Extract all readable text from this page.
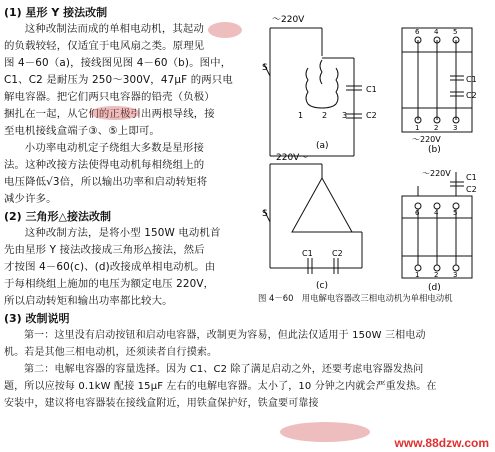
(1) 星形 Y 接法改制

这种改制法而成的单相电动机，其起动

的负载较轻，仅适宜于电风扇之类。原理见

图 4－60（a)，接线图见图 4－60（b)。图中，

C1、C2 是耐压为 250～300V，47μF 的两只电

解电容器。把它们两只电容器的铅壳（负极）

捆扎在一起，从它们的正极引出两根导线，接

至电机接线盒端子③、⑤上即可。

小功率电动机定子绕组大多数是星形接

法。这种改接方法使得电动机每相绕组上的

电压降低√3倍，所以输出功率和启动转矩将

减少许多。

(2) 三角形△接法改制

这种改制方法，是将小型 150W 电动机首

先由星形 Y 接法改接成三角形△接法，然后

才按图 4－60(c)、(d)改接成单相电动机。由

于每相绕组上施加的电压为额定电压 220V，

所以启动转矩和输出功率都比较大。

～220V
S
C1
C2
1 2 3
(a)
6 4 5
1 2 3
C1
C2
～220V
(b)
220V～
S
C1 C2
(c)
～220V C1
C2
6 4 5
1 2 3
(d)
图 4－60　用电解电容器改三相电动机为单相电动机

(3) 改制说明

第一：这里没有启动按钮和启动电容器，改制更为容易，但此法仅适用于 150W 三相电动

机。若是其他三相电动机，还须读者自行摸索。

第二：电解电容器的容量选择。因为 C1、C2 除了满足启动之外，还要考虑电容器发热问

题，所以应按每 0.1kW 配接 15μF 左右的电解电容器。太小了，10 分钟之内就会严重发热。在

安装中，建议将电容器装在接线盒附近，用铁盒保护好，铁盒要可靠接

www.88dzw.com
